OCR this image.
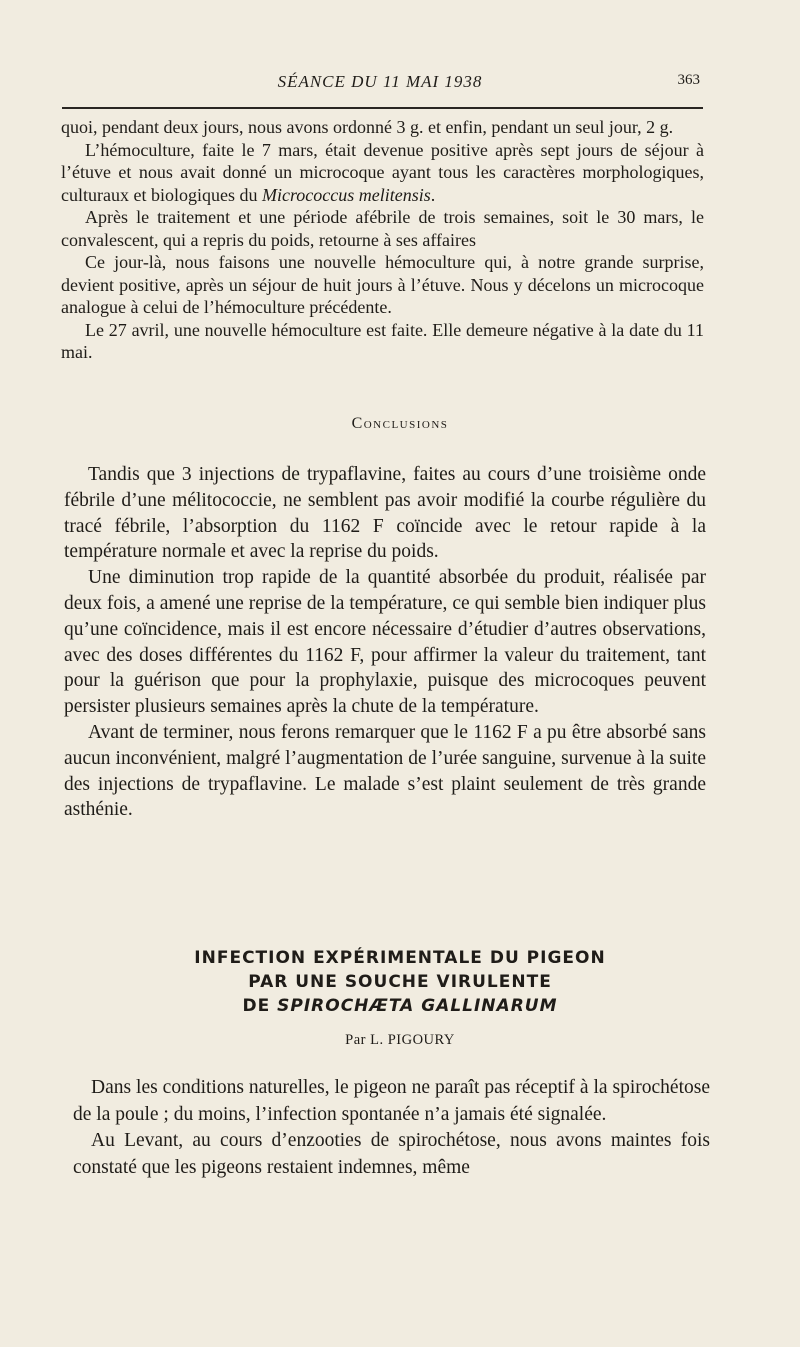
SÉANCE DU 11 MAI 1938	363

quoi, pendant deux jours, nous avons ordonné 3 g. et enfin, pendant un seul jour, 2 g.

L’hémoculture, faite le 7 mars, était devenue positive après sept jours de séjour à l’étuve et nous avait donné un microcoque ayant tous les caractères morphologiques, culturaux et biologiques du Micrococcus melitensis.

Après le traitement et une période afébrile de trois semaines, soit le 30 mars, le convalescent, qui a repris du poids, retourne à ses affaires

Ce jour-là, nous faisons une nouvelle hémoculture qui, à notre grande surprise, devient positive, après un séjour de huit jours à l’étuve. Nous y décelons un microcoque analogue à celui de l’hémoculture précédente.

Le 27 avril, une nouvelle hémoculture est faite. Elle demeure négative à la date du 11 mai.

Conclusions

Tandis que 3 injections de trypaflavine, faites au cours d’une troisième onde fébrile d’une mélitococcie, ne semblent pas avoir modifié la courbe régulière du tracé fébrile, l’absorption du 1162 F coïncide avec le retour rapide à la température normale et avec la reprise du poids.

Une diminution trop rapide de la quantité absorbée du produit, réalisée par deux fois, a amené une reprise de la température, ce qui semble bien indiquer plus qu’une coïncidence, mais il est encore nécessaire d’étudier d’autres observations, avec des doses différentes du 1162 F, pour affirmer la valeur du traitement, tant pour la guérison que pour la prophylaxie, puisque des microcoques peuvent persister plusieurs semaines après la chute de la température.

Avant de terminer, nous ferons remarquer que le 1162 F a pu être absorbé sans aucun inconvénient, malgré l’augmentation de l’urée sanguine, survenue à la suite des injections de trypaflavine. Le malade s’est plaint seulement de très grande asthénie.

INFECTION EXPÉRIMENTALE DU PIGEON
PAR UNE SOUCHE VIRULENTE
DE SPIROCHÆTA GALLINARUM
Par L. PIGOURY

Dans les conditions naturelles, le pigeon ne paraît pas réceptif à la spirochétose de la poule ; du moins, l’infection spontanée n’a jamais été signalée.

Au Levant, au cours d’enzooties de spirochétose, nous avons maintes fois constaté que les pigeons restaient indemnes, même
